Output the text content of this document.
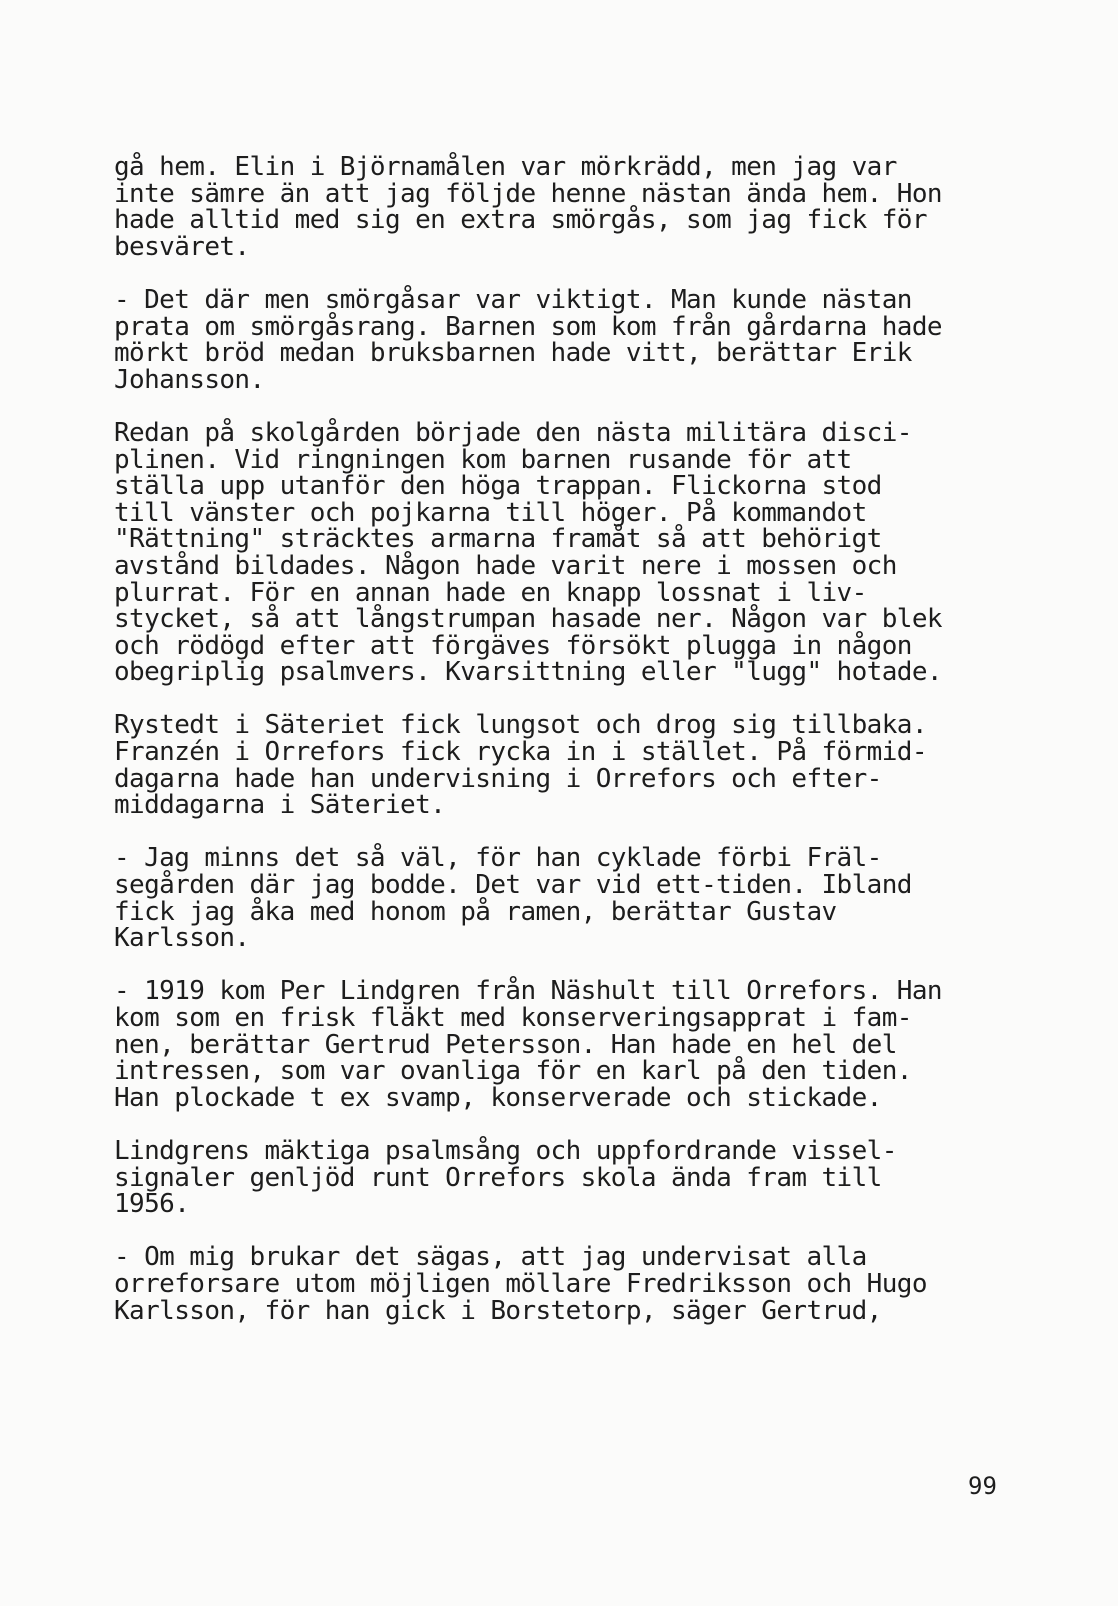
gå hem. Elin i Björnamålen var mörkrädd, men jag var
inte sämre än att jag följde henne nästan ända hem. Hon
hade alltid med sig en extra smörgås, som jag fick för
besväret.
- Det där men smörgåsar var viktigt. Man kunde nästan
prata om smörgåsrang. Barnen som kom från gårdarna hade
mörkt bröd medan bruksbarnen hade vitt, berättar Erik
Johansson.
Redan på skolgården började den nästa militära disci-
plinen. Vid ringningen kom barnen rusande för att
ställa upp utanför den höga trappan. Flickorna stod
till vänster och pojkarna till höger. På kommandot
"Rättning" sträcktes armarna framåt så att behörigt
avstånd bildades. Någon hade varit nere i mossen och
plurrat. För en annan hade en knapp lossnat i liv-
stycket, så att långstrumpan hasade ner. Någon var blek
och rödögd efter att förgäves försökt plugga in någon
obegriplig psalmvers. Kvarsittning eller "lugg" hotade.
Rystedt i Säteriet fick lungsot och drog sig tillbaka.
Franzén i Orrefors fick rycka in i stället. På förmid-
dagarna hade han undervisning i Orrefors och efter-
middagarna i Säteriet.
- Jag minns det så väl, för han cyklade förbi Fräl-
segården där jag bodde. Det var vid ett-tiden. Ibland
fick jag åka med honom på ramen, berättar Gustav
Karlsson.
- 1919 kom Per Lindgren från Näshult till Orrefors. Han
kom som en frisk fläkt med konserveringsapprat i fam-
nen, berättar Gertrud Petersson. Han hade en hel del
intressen, som var ovanliga för en karl på den tiden.
Han plockade t ex svamp, konserverade och stickade.
Lindgrens mäktiga psalmsång och uppfordrande vissel-
signaler genljöd runt Orrefors skola ända fram till
1956.
- Om mig brukar det sägas, att jag undervisat alla
orreforsare utom möjligen möllare Fredriksson och Hugo
Karlsson, för han gick i Borstetorp, säger Gertrud,
99
